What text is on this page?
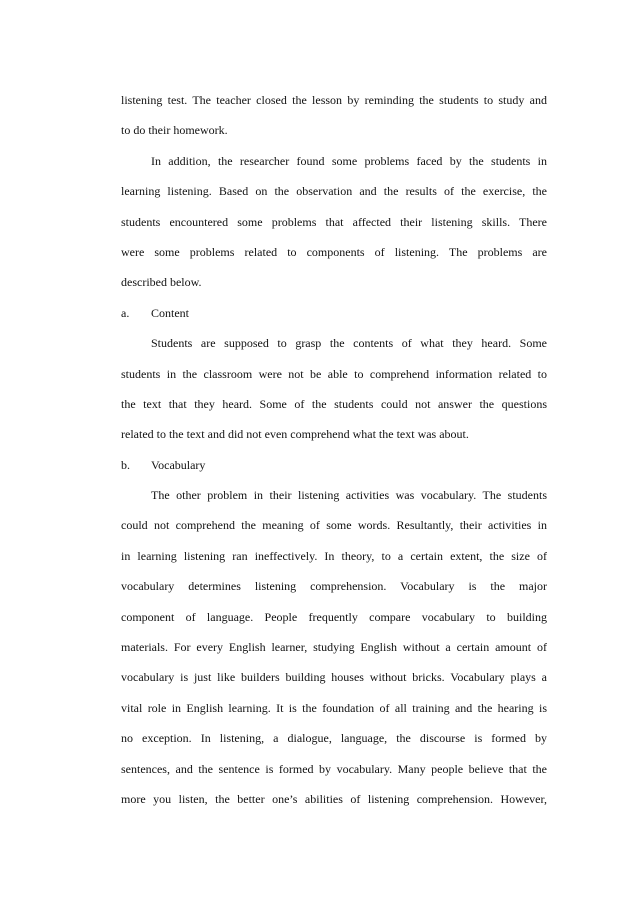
listening test. The teacher closed the lesson by reminding the students to study and
to do their homework.
In addition, the researcher found some problems faced by the students in
learning listening. Based on the observation and the results of the exercise, the
students encountered some problems that affected their listening skills. There
were some problems related to components of listening. The problems are
described below.
a.	Content
Students are supposed to grasp the contents of what they heard. Some
students in the classroom were not be able to comprehend information related to
the text that they heard. Some of the students could not answer the questions
related to the text and did not even comprehend what the text was about.
b.	Vocabulary
The other problem in their listening activities was vocabulary. The students
could not comprehend the meaning of some words. Resultantly, their activities in
in learning listening ran ineffectively. In theory, to a certain extent, the size of
vocabulary determines listening comprehension. Vocabulary is the major
component of language. People frequently compare vocabulary to building
materials. For every English learner, studying English without a certain amount of
vocabulary is just like builders building houses without bricks. Vocabulary plays a
vital role in English learning. It is the foundation of all training and the hearing is
no exception. In listening, a dialogue, language, the discourse is formed by
sentences, and the sentence is formed by vocabulary. Many people believe that the
more you listen, the better one’s abilities of listening comprehension. However,
